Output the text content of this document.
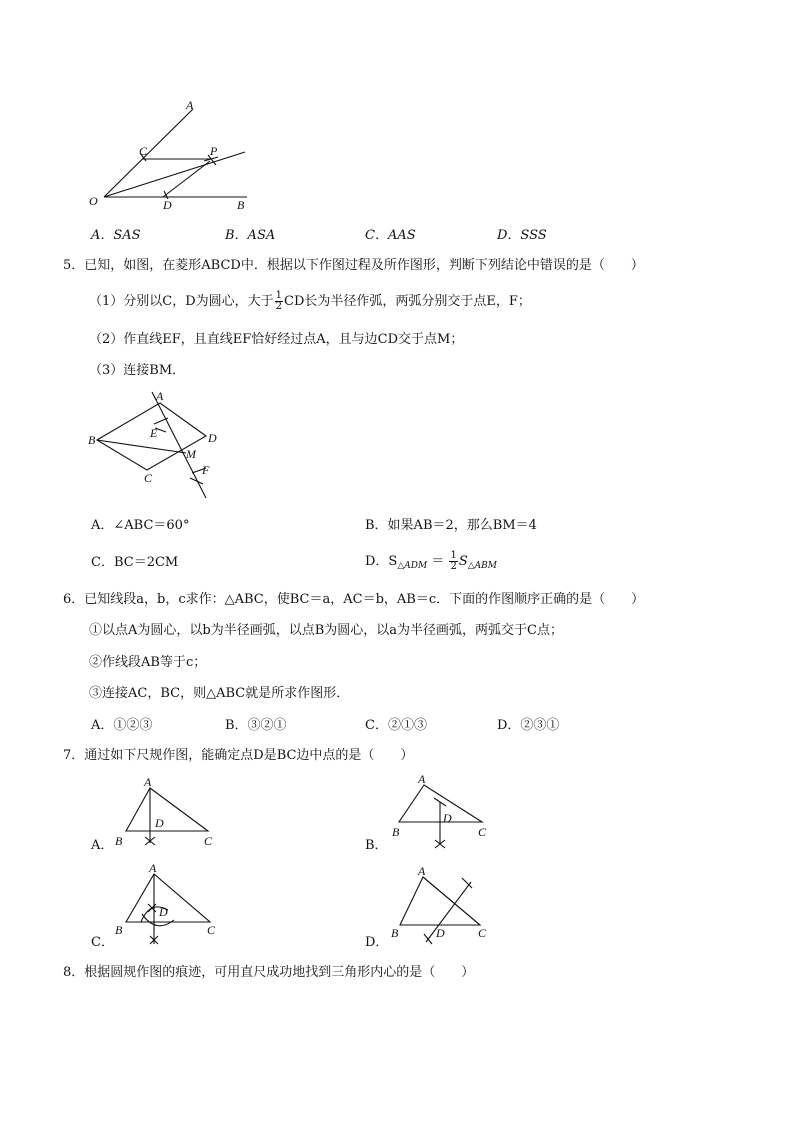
A
C	P
O	D	B
A．SAS	B．ASA	C．AAS	D．SSS
5．已知，如图，在菱形ABCD中．根据以下作图过程及所作图形，判断下列结论中错误的是（　　）
（1）分别以C，D为圆心，大于 $\frac{1}{2}$ CD长为半径作弧，两弧分别交于点E，F；
（2）作直线EF，且直线EF恰好经过点A，且与边CD交于点M；
（3）连接BM．
A
E
B	D
M
C
F
A．∠ABC＝60°	B．如果AB＝2，那么BM＝4
C．BC＝2CM	D．$S_{\triangle ADM} = \frac{1}{2} S_{\triangle ABM}$
6．已知线段a，b，c求作：△ABC，使BC＝a，AC＝b，AB＝c．下面的作图顺序正确的是（　　）
①以点A为圆心，以b为半径画弧，以点B为圆心，以a为半径画弧，两弧交于C点；
②作线段AB等于c；
③连接AC，BC，则△ABC就是所求作图形．
A．①②③	B．③②①	C．②①③	D．②③①
7．通过如下尺规作图，能确定点D是BC边中点的是（　　）
A
B	C
D
A．
A
B	C
D
B．
A
B	C
D
C．
A
B	C
D
D．
8．根据圆规作图的痕迹，可用直尺成功地找到三角形内心的是（　　）
